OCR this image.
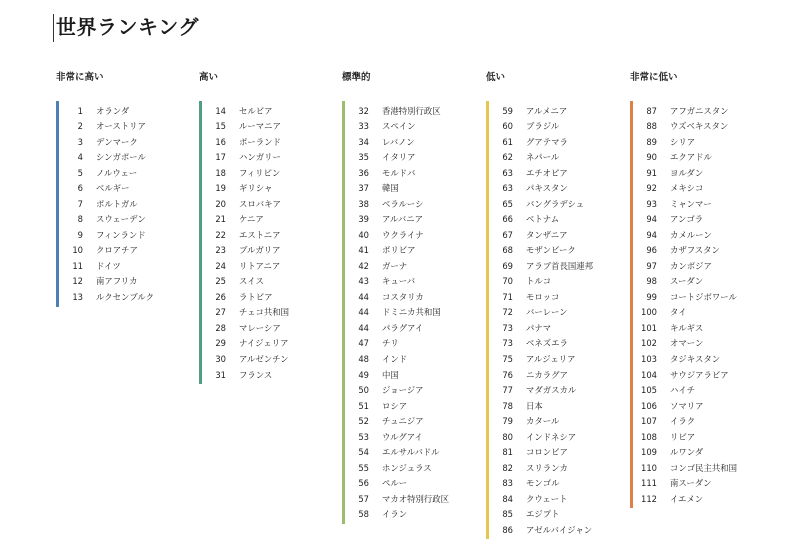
世界ランキング

非常に高い

1 オランダ
2 オーストリア
3 デンマーク
4 シンガポール
5 ノルウェー
6 ベルギー
7 ポルトガル
8 スウェーデン
9 フィンランド
10 クロアチア
11 ドイツ
12 南アフリカ
13 ルクセンブルク

高い

14 セルビア
15 ルーマニア
16 ポーランド
17 ハンガリー
18 フィリピン
19 ギリシャ
20 スロバキア
21 ケニア
22 エストニア
23 ブルガリア
24 リトアニア
25 スイス
26 ラトビア
27 チェコ共和国
28 マレーシア
29 ナイジェリア
30 アルゼンチン
31 フランス

標準的

32 香港特別行政区
33 スペイン
34 レバノン
35 イタリア
36 モルドバ
37 韓国
38 ベラルーシ
39 アルバニア
40 ウクライナ
41 ボリビア
42 ガーナ
43 キューバ
44 コスタリカ
44 ドミニカ共和国
44 パラグアイ
47 チリ
48 インド
49 中国
50 ジョージア
51 ロシア
52 チュニジア
53 ウルグアイ
54 エルサルバドル
55 ホンジュラス
56 ペルー
57 マカオ特別行政区
58 イラン

低い

59 アルメニア
60 ブラジル
61 グアテマラ
62 ネパール
63 エチオピア
63 パキスタン
65 バングラデシュ
66 ベトナム
67 タンザニア
68 モザンビーク
69 アラブ首長国連邦
70 トルコ
71 モロッコ
72 バーレーン
73 パナマ
73 ベネズエラ
75 アルジェリア
76 ニカラグア
77 マダガスカル
78 日本
79 カタール
80 インドネシア
81 コロンビア
82 スリランカ
83 モンゴル
84 クウェート
85 エジプト
86 アゼルバイジャン

非常に低い

87 アフガニスタン
88 ウズベキスタン
89 シリア
90 エクアドル
91 ヨルダン
92 メキシコ
93 ミャンマー
94 アンゴラ
94 カメルーン
96 カザフスタン
97 カンボジア
98 スーダン
99 コートジボワール
100 タイ
101 キルギス
102 オマーン
103 タジキスタン
104 サウジアラビア
105 ハイチ
106 ソマリア
107 イラク
108 リビア
109 ルワンダ
110 コンゴ民主共和国
111 南スーダン
112 イエメン
